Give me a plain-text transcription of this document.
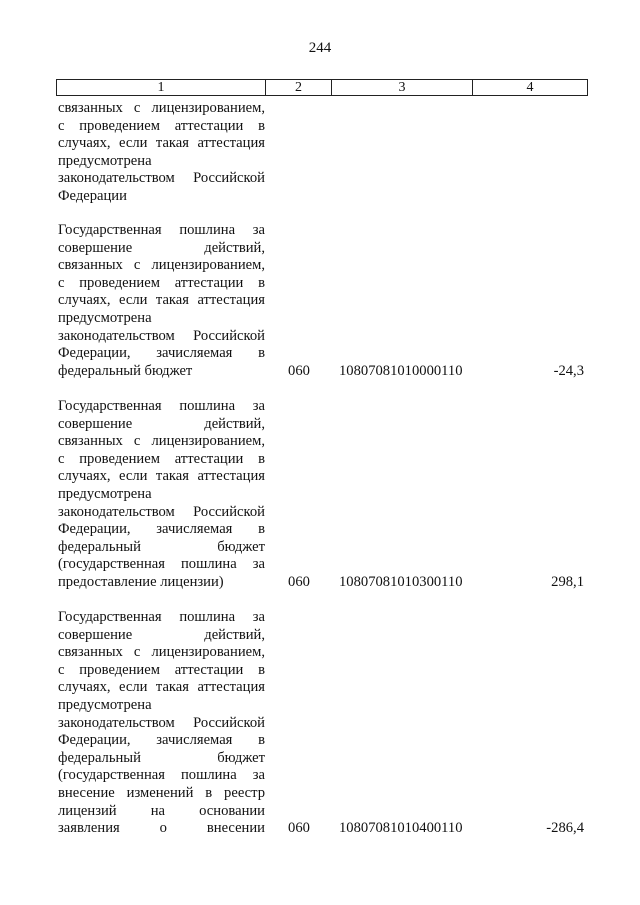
244
1	2	3	4
связанных с лицензированием,
с проведением аттестации в
случаях, если такая аттестация
предусмотрена
законодательством Российской
Федерации
Государственная пошлина за
совершение действий,
связанных с лицензированием,
с проведением аттестации в
случаях, если такая аттестация
предусмотрена
законодательством Российской
Федерации, зачисляемая в
федеральный бюджет	060	10807081010000110	-24,3
Государственная пошлина за
совершение действий,
связанных с лицензированием,
с проведением аттестации в
случаях, если такая аттестация
предусмотрена
законодательством Российской
Федерации, зачисляемая в
федеральный бюджет
(государственная пошлина за
предоставление лицензии)	060	10807081010300110	298,1
Государственная пошлина за
совершение действий,
связанных с лицензированием,
с проведением аттестации в
случаях, если такая аттестация
предусмотрена
законодательством Российской
Федерации, зачисляемая в
федеральный бюджет
(государственная пошлина за
внесение изменений в реестр
лицензий на основании
заявления о внесении	060	10807081010400110	-286,4
